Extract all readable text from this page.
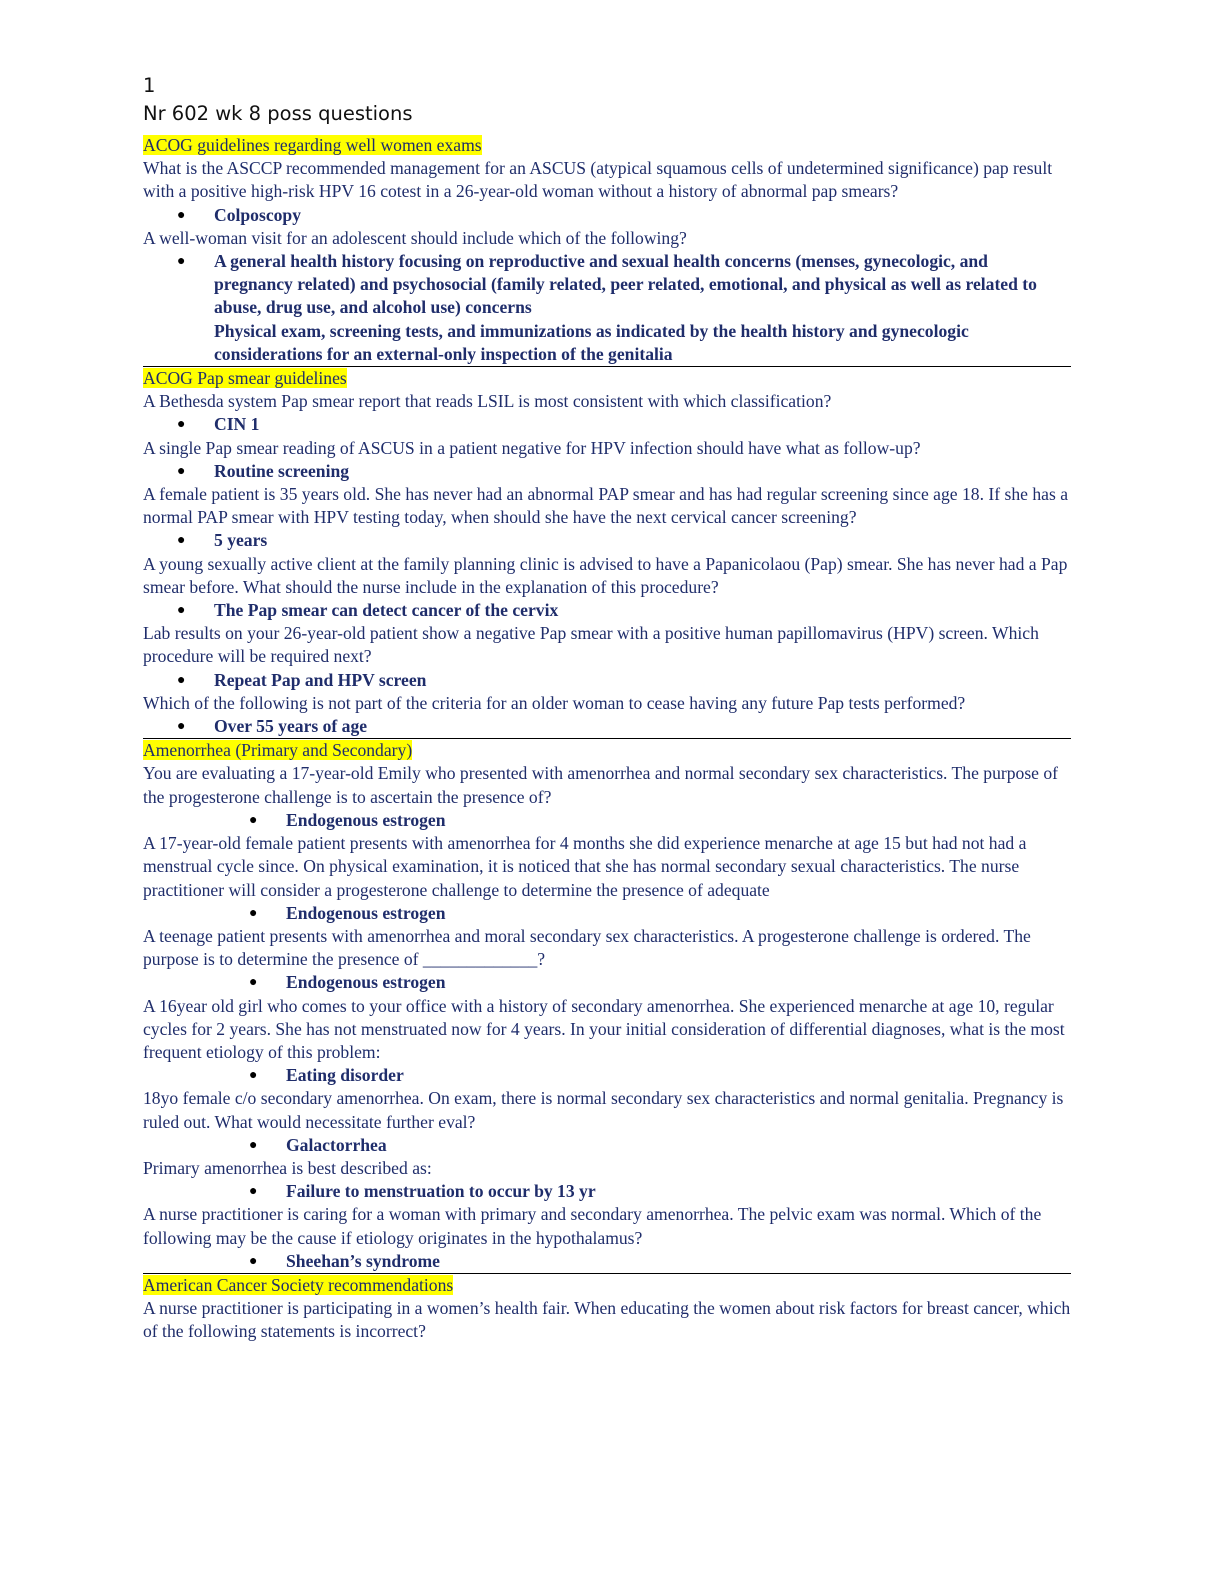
1
Nr 602 wk 8 poss questions
ACOG guidelines regarding well women exams

What is the ASCCP recommended management for an ASCUS (atypical squamous cells of undetermined significance) pap result with a positive high-risk HPV 16 cotest in a 26-year-old woman without a history of abnormal pap smears?

● Colposcopy

A well-woman visit for an adolescent should include which of the following?

● A general health history focusing on reproductive and sexual health concerns (menses, gynecologic, and pregnancy related) and psychosocial (family related, peer related, emotional, and physical as well as related to abuse, drug use, and alcohol use) concerns

Physical exam, screening tests, and immunizations as indicated by the health history and gynecologic considerations for an external-only inspection of the genitalia

ACOG Pap smear guidelines

A Bethesda system Pap smear report that reads LSIL is most consistent with which classification?

● CIN 1

A single Pap smear reading of ASCUS in a patient negative for HPV infection should have what as follow-up?

● Routine screening

A female patient is 35 years old. She has never had an abnormal PAP smear and has had regular screening since age 18. If she has a normal PAP smear with HPV testing today, when should she have the next cervical cancer screening?

● 5 years

A young sexually active client at the family planning clinic is advised to have a Papanicolaou (Pap) smear. She has never had a Pap smear before. What should the nurse include in the explanation of this procedure?

● The Pap smear can detect cancer of the cervix

Lab results on your 26-year-old patient show a negative Pap smear with a positive human papillomavirus (HPV) screen. Which procedure will be required next?

● Repeat Pap and HPV screen

Which of the following is not part of the criteria for an older woman to cease having any future Pap tests performed?

● Over 55 years of age

Amenorrhea (Primary and Secondary)

You are evaluating a 17-year-old Emily who presented with amenorrhea and normal secondary sex characteristics. The purpose of the progesterone challenge is to ascertain the presence of?

● Endogenous estrogen

A 17-year-old female patient presents with amenorrhea for 4 months she did experience menarche at age 15 but had not had a menstrual cycle since. On physical examination, it is noticed that she has normal secondary sexual characteristics. The nurse practitioner will consider a progesterone challenge to determine the presence of adequate

● Endogenous estrogen

A teenage patient presents with amenorrhea and moral secondary sex characteristics. A progesterone challenge is ordered. The purpose is to determine the presence of _____________?

● Endogenous estrogen

A 16year old girl who comes to your office with a history of secondary amenorrhea. She experienced menarche at age 10, regular cycles for 2 years. She has not menstruated now for 4 years. In your initial consideration of differential diagnoses, what is the most frequent etiology of this problem:

● Eating disorder

18yo female c/o secondary amenorrhea. On exam, there is normal secondary sex characteristics and normal genitalia. Pregnancy is ruled out. What would necessitate further eval?

● Galactorrhea

Primary amenorrhea is best described as:

● Failure to menstruation to occur by 13 yr

A nurse practitioner is caring for a woman with primary and secondary amenorrhea. The pelvic exam was normal. Which of the following may be the cause if etiology originates in the hypothalamus?

● Sheehan’s syndrome

American Cancer Society recommendations

A nurse practitioner is participating in a women’s health fair. When educating the women about risk factors for breast cancer, which of the following statements is incorrect?
